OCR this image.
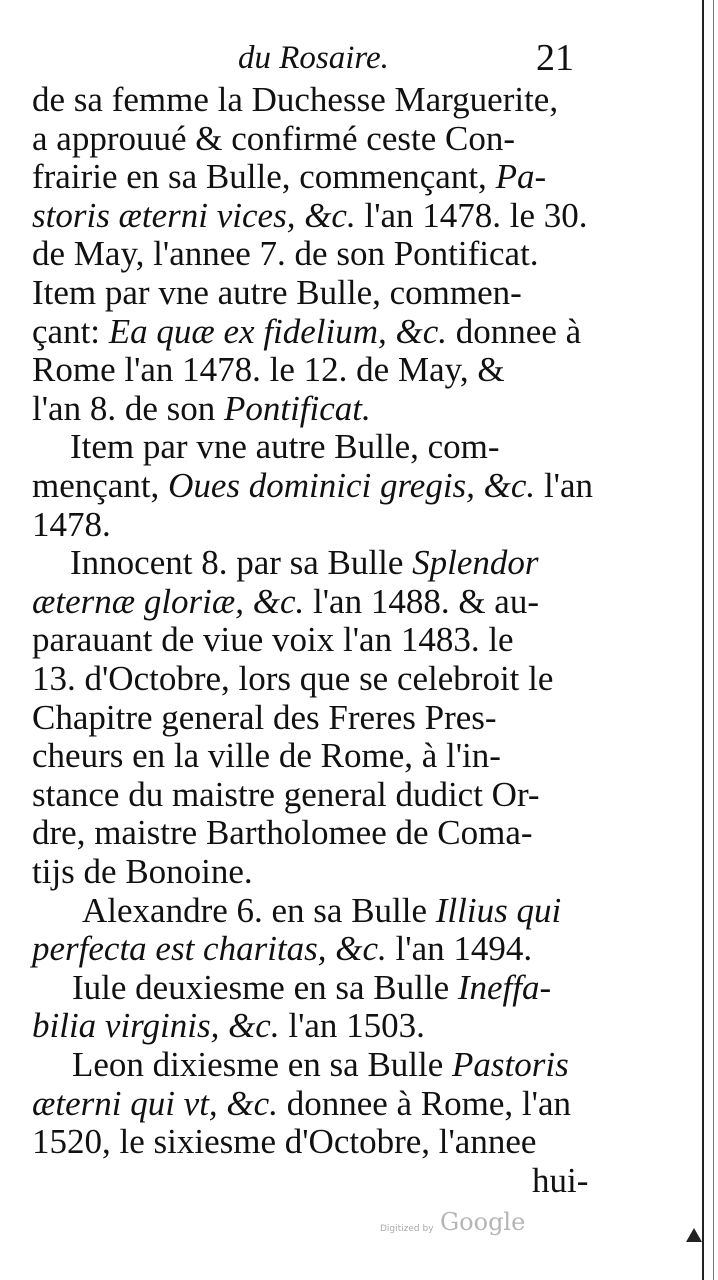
du Rosaire.	21
de sa femme la Duchesse Marguerite,
a approuué & confirmé ceste Con-
frairie en sa Bulle, commençant, Pa-
storis æterni vices, &c. l'an 1478. le 30.
de May, l'annee 7. de son Pontificat.
Item par vne autre Bulle, commen-
çant: Ea quæ ex fidelium, &c. donnee à
Rome l'an 1478. le 12. de May, &
l'an 8. de son Pontificat.
Item par vne autre Bulle, com-
mençant, Oues dominici gregis, &c. l'an
1478.
Innocent 8. par sa Bulle Splendor
æternæ gloriæ, &c. l'an 1488. & au-
parauant de viue voix l'an 1483. le
13. d'Octobre, lors que se celebroit le
Chapitre general des Freres Pres-
cheurs en la ville de Rome, à l'in-
stance du maistre general dudict Or-
dre, maistre Bartholomee de Coma-
tijs de Bonoine.
Alexandre 6. en sa Bulle Illius qui
perfecta est charitas, &c. l'an 1494.
Iule deuxiesme en sa Bulle Ineffa-
bilia virginis, &c. l'an 1503.
Leon dixiesme en sa Bulle Pastoris
æterni qui vt, &c. donnee à Rome, l'an
1520, le sixiesme d'Octobre, l'annee
hui-
Digitized by Google
